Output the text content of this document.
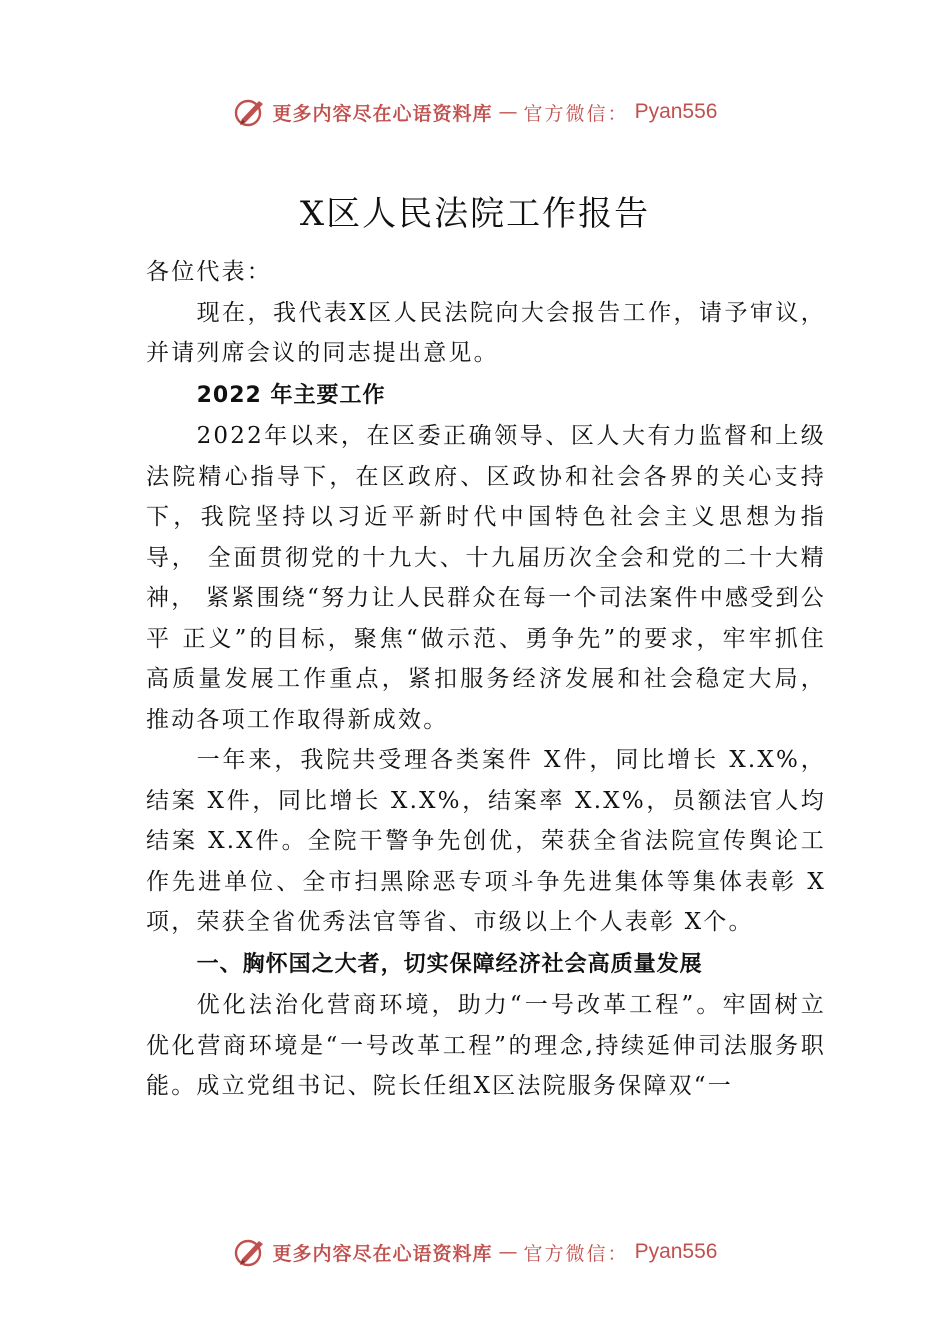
更多内容尽在心语资料库 — 官方微信： Pyan556
X区人民法院工作报告

各位代表：

现在，我代表X区人民法院向大会报告工作，请予审议，并请列席会议的同志提出意见。

2022 年主要工作

2022年以来，在区委正确领导、区人大有力监督和上级法院精心指导下，在区政府、区政协和社会各界的关心支持 下，我院坚持以习近平新时代中国特色社会主义思想为指导， 全面贯彻党的十九大、十九届历次全会和党的二十大精神， 紧紧围绕“努力让人民群众在每一个司法案件中感受到公平 正义”的目标，聚焦“做示范、勇争先”的要求，牢牢抓住高质量发展工作重点，紧扣服务经济发展和社会稳定大局， 推动各项工作取得新成效。

一年来，我院共受理各类案件 X件，同比增长 X.X%，结案 X件，同比增长 X.X%，结案率 X.X%，员额法官人均结案 X.X件。全院干警争先创优，荣获全省法院宣传舆论工作先进单位、全市扫黑除恶专项斗争先进集体等集体表彰 X项，荣获全省优秀法官等省、市级以上个人表彰 X个。

一、胸怀国之大者，切实保障经济社会高质量发展

优化法治化营商环境，助力“一号改革工程”。牢固树立优化营商环境是“一号改革工程”的理念,持续延伸司法服务职能。成立党组书记、院长任组X区法院服务保障双“一

更多内容尽在心语资料库 — 官方微信： Pyan556
